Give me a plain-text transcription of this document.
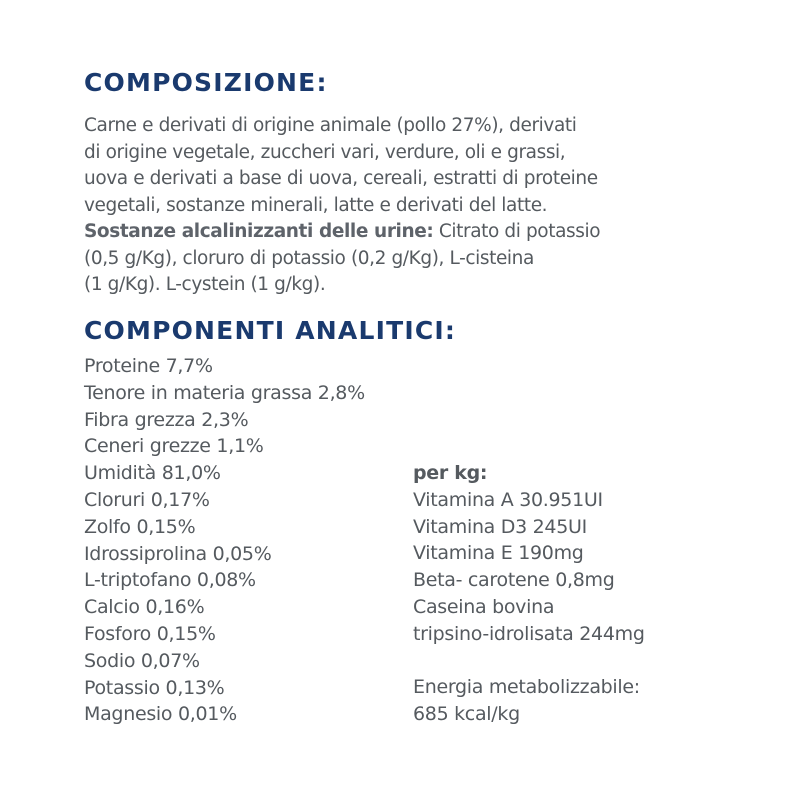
COMPOSIZIONE:

Carne e derivati di origine animale (pollo 27%), derivati
di origine vegetale, zuccheri vari, verdure, oli e grassi,
uova e derivati a base di uova, cereali, estratti di proteine
vegetali, sostanze minerali, latte e derivati del latte.
Sostanze alcalinizzanti delle urine: Citrato di potassio
(0,5 g/Kg), cloruro di potassio (0,2 g/Kg), L-cisteina
(1 g/Kg). L-cystein (1 g/kg).

COMPONENTI ANALITICI:
Proteine 7,7%
Tenore in materia grassa 2,8%
Fibra grezza 2,3%
Ceneri grezze 1,1%
Umidità 81,0%
Cloruri 0,17%
Zolfo 0,15%
Idrossiprolina 0,05%
L-triptofano 0,08%
Calcio 0,16%
Fosforo 0,15%
Sodio 0,07%
Potassio 0,13%
Magnesio 0,01%
per kg:
Vitamina A 30.951UI
Vitamina D3 245UI
Vitamina E 190mg
Beta- carotene 0,8mg
Caseina bovina
tripsino-idrolisata 244mg
Energia metabolizzabile:
685 kcal/kg
